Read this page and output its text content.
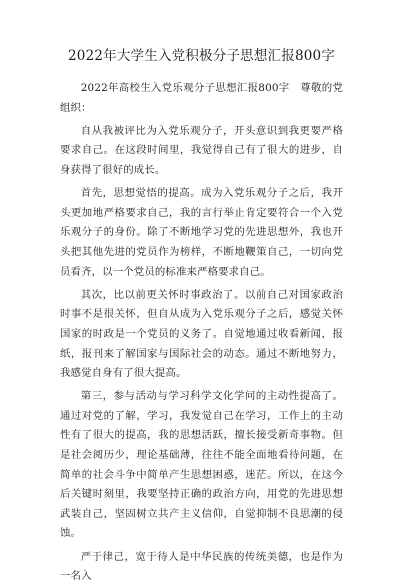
2022年大学生入党积极分子思想汇报800字

2022年高校生入党乐观分子思想汇报800字　尊敬的党组织：

自从我被评比为入党乐观分子，开头意识到我更要严格要求自己。在这段时间里，我觉得自己有了很大的进步，自身获得了很好的成长。

首先，思想觉悟的提高。成为入党乐观分子之后，我开头更加地严格要求自己，我的言行举止肯定要符合一个入党乐观分子的身份。除了不断地学习党的先进思想外，我也开头把其他先进的党员作为榜样，不断地鞭策自己，一切向党员看齐，以一个党员的标准来严格要求自己。

其次，比以前更关怀时事政治了。以前自己对国家政治时事不是很关怀，但自从成为入党乐观分子之后，感觉关怀国家的时政是一个党员的义务了。自觉地通过收看新闻，报纸，报刊来了解国家与国际社会的动态。通过不断地努力，我感觉自身有了很大提高。

第三，参与活动与学习科学文化学问的主动性提高了。通过对党的了解，学习，我发觉自己在学习，工作上的主动性有了很大的提高，我的思想活跃，擅长接受新奇事物。但是社会阅历少，理论基础薄，往往不能全面地看待问题，在简单的社会斗争中简单产生思想困惑，迷茫。所以，在这今后关键时刻里，我要坚持正确的政治方向，用党的先进思想武装自己，坚固树立共产主义信仰，自觉抑制不良思潮的侵蚀。

严于律己，宽于待人是中华民族的传统美德，也是作为一名入
